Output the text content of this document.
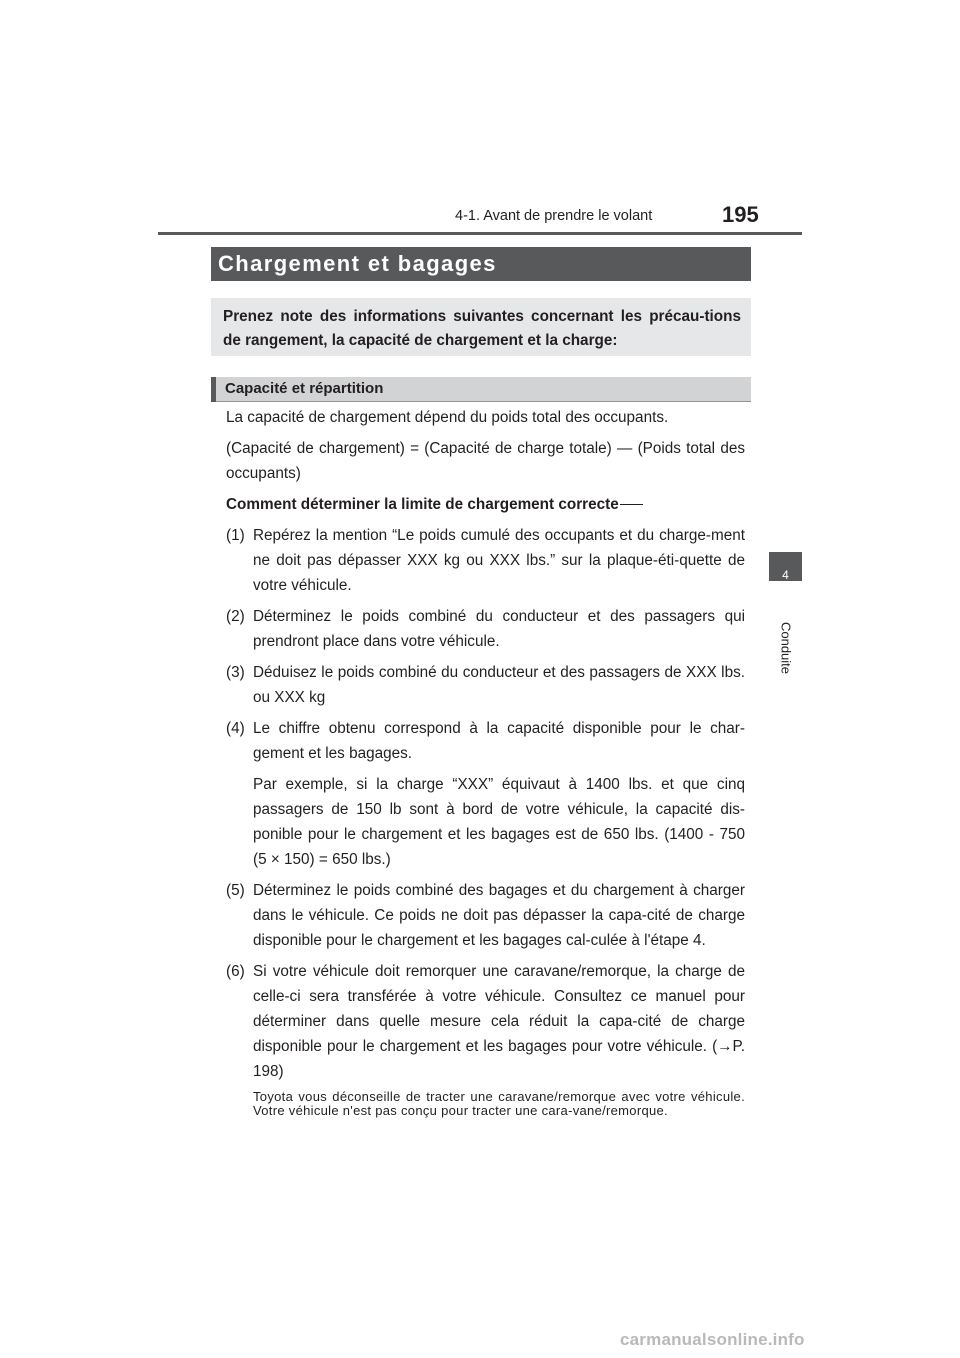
4-1. Avant de prendre le volant	195
4
Conduite
Chargement et bagages
Prenez note des informations suivantes concernant les précau-tions de rangement, la capacité de chargement et la charge:
Capacité et répartition

La capacité de chargement dépend du poids total des occupants.

(Capacité de chargement) = (Capacité de charge totale) — (Poids total des occupants)

Comment déterminer la limite de chargement correcte

(1) Repérez la mention “Le poids cumulé des occupants et du charge-ment ne doit pas dépasser XXX kg ou XXX lbs.” sur la plaque-éti-quette de votre véhicule.
(2) Déterminez le poids combiné du conducteur et des passagers qui prendront place dans votre véhicule.
(3) Déduisez le poids combiné du conducteur et des passagers de XXX lbs. ou XXX kg
(4) Le chiffre obtenu correspond à la capacité disponible pour le char-gement et les bagages.

Par exemple, si la charge “XXX” équivaut à 1400 lbs. et que cinq passagers de 150 lb sont à bord de votre véhicule, la capacité dis-ponible pour le chargement et les bagages est de 650 lbs. (1400 - 750 (5 × 150) = 650 lbs.)

(5) Déterminez le poids combiné des bagages et du chargement à charger dans le véhicule. Ce poids ne doit pas dépasser la capa-cité de charge disponible pour le chargement et les bagages cal-culée à l'étape 4.
(6) Si votre véhicule doit remorquer une caravane/remorque, la charge de celle-ci sera transférée à votre véhicule. Consultez ce manuel pour déterminer dans quelle mesure cela réduit la capa-cité de charge disponible pour le chargement et les bagages pour votre véhicule. (→P. 198)

Toyota vous déconseille de tracter une caravane/remorque avec votre véhicule. Votre véhicule n'est pas conçu pour tracter une cara-vane/remorque.

carmanualsonline.info
